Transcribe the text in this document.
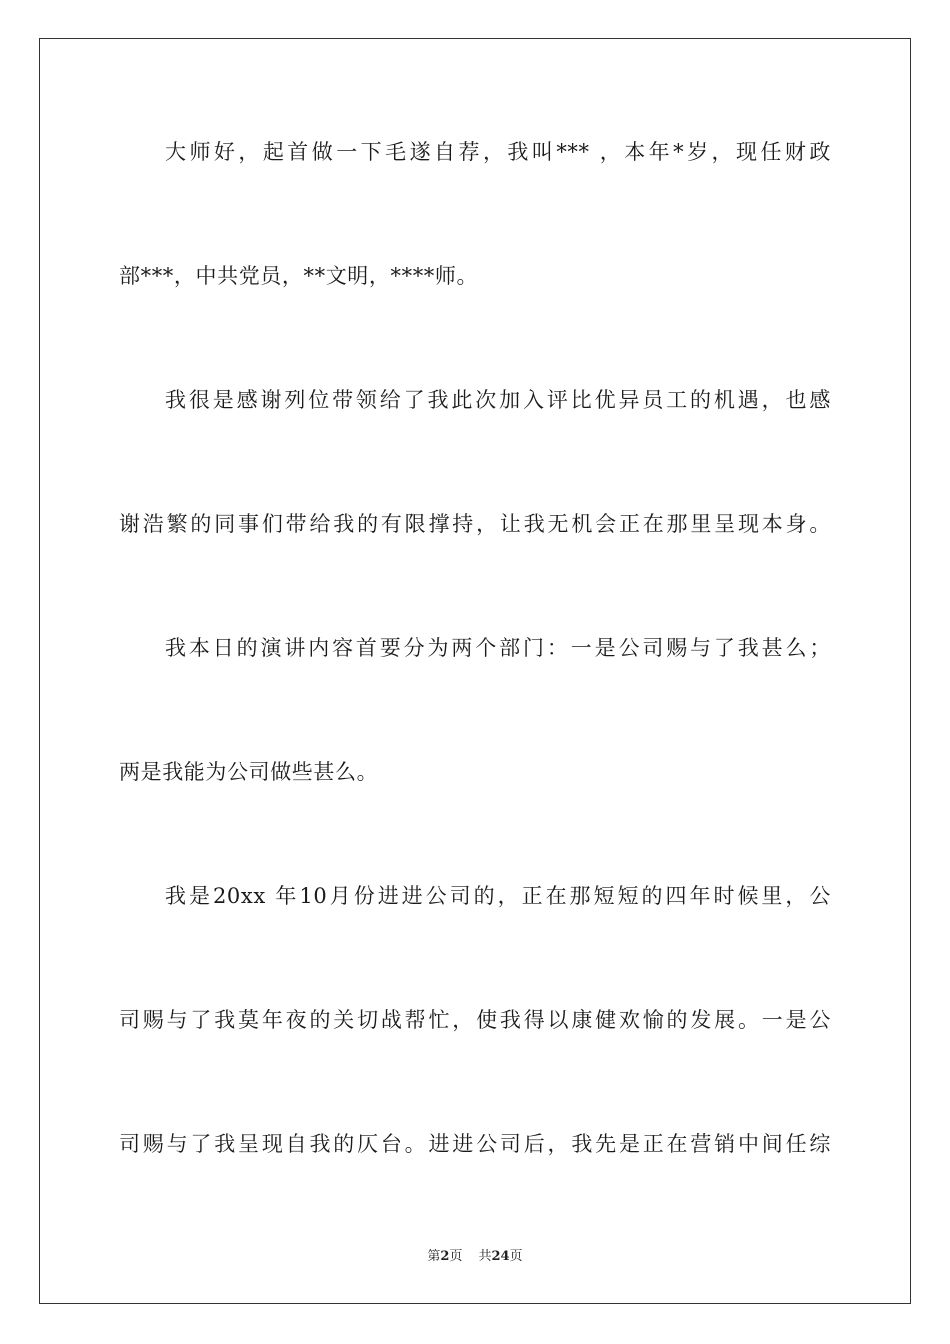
大师好，起首做一下毛遂自荐，我叫*** ，本年*岁，现任财政
部***，中共党员，**文明，****师。
我很是感谢列位带领给了我此次加入评比优异员工的机遇，也感
谢浩繁的同事们带给我的有限撑持，让我无机会正在那里呈现本身。
我本日的演讲内容首要分为两个部门：一是公司赐与了我甚么；
两是我能为公司做些甚么。
我是20xx 年10月份进进公司的，正在那短短的四年时候里，公
司赐与了我莫年夜的关切战帮忙，使我得以康健欢愉的发展。一是公
司赐与了我呈现自我的仄台。进进公司后，我先是正在营销中间任综
第2页 共24页
